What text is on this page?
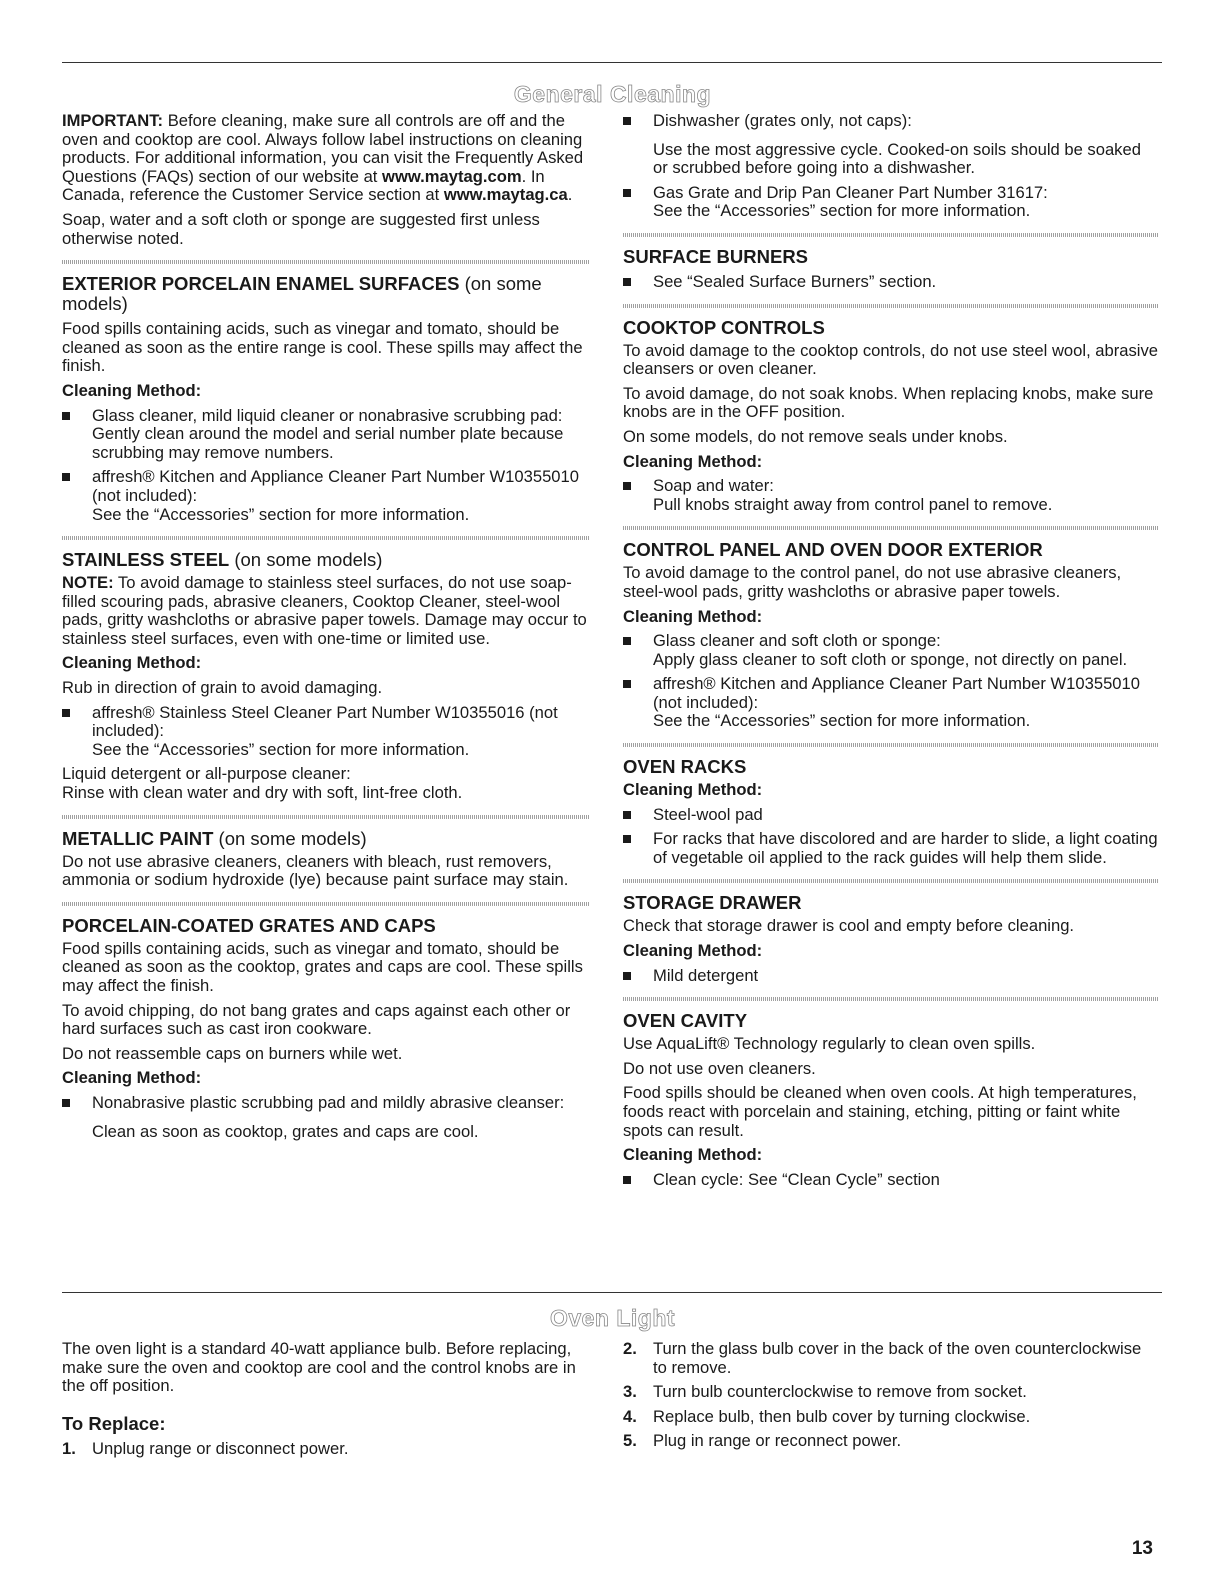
General Cleaning

IMPORTANT: Before cleaning, make sure all controls are off and the oven and cooktop are cool. Always follow label instructions on cleaning products. For additional information, you can visit the Frequently Asked Questions (FAQs) section of our website at www.maytag.com. In Canada, reference the Customer Service section at www.maytag.ca.

Soap, water and a soft cloth or sponge are suggested first unless otherwise noted.

EXTERIOR PORCELAIN ENAMEL SURFACES (on some

models)

Food spills containing acids, such as vinegar and tomato, should be cleaned as soon as the entire range is cool. These spills may affect the finish.

Cleaning Method:

Glass cleaner, mild liquid cleaner or nonabrasive scrubbing pad:
Gently clean around the model and serial number plate because scrubbing may remove numbers.
affresh® Kitchen and Appliance Cleaner Part Number W10355010 (not included):
See the “Accessories” section for more information.
STAINLESS STEEL (on some models)

NOTE: To avoid damage to stainless steel surfaces, do not use soap-filled scouring pads, abrasive cleaners, Cooktop Cleaner, steel-wool pads, gritty washcloths or abrasive paper towels. Damage may occur to stainless steel surfaces, even with one-time or limited use.

Cleaning Method:

Rub in direction of grain to avoid damaging.

affresh® Stainless Steel Cleaner Part Number W10355016 (not included):
See the “Accessories” section for more information.

Liquid detergent or all-purpose cleaner:
Rinse with clean water and dry with soft, lint-free cloth.

METALLIC PAINT (on some models)

Do not use abrasive cleaners, cleaners with bleach, rust removers, ammonia or sodium hydroxide (lye) because paint surface may stain.

PORCELAIN-COATED GRATES AND CAPS

Food spills containing acids, such as vinegar and tomato, should be cleaned as soon as the cooktop, grates and caps are cool. These spills may affect the finish.

To avoid chipping, do not bang grates and caps against each other or hard surfaces such as cast iron cookware.

Do not reassemble caps on burners while wet.

Cleaning Method:

Nonabrasive plastic scrubbing pad and mildly abrasive cleanser:
Clean as soon as cooktop, grates and caps are cool.
Dishwasher (grates only, not caps):
Use the most aggressive cycle. Cooked-on soils should be soaked or scrubbed before going into a dishwasher.
Gas Grate and Drip Pan Cleaner Part Number 31617:
See the “Accessories” section for more information.
SURFACE BURNERS
See “Sealed Surface Burners” section.
COOKTOP CONTROLS

To avoid damage to the cooktop controls, do not use steel wool, abrasive cleansers or oven cleaner.

To avoid damage, do not soak knobs. When replacing knobs, make sure knobs are in the OFF position.

On some models, do not remove seals under knobs.

Cleaning Method:

Soap and water:
Pull knobs straight away from control panel to remove.
CONTROL PANEL AND OVEN DOOR EXTERIOR

To avoid damage to the control panel, do not use abrasive cleaners, steel-wool pads, gritty washcloths or abrasive paper towels.

Cleaning Method:

Glass cleaner and soft cloth or sponge:
Apply glass cleaner to soft cloth or sponge, not directly on panel.
affresh® Kitchen and Appliance Cleaner Part Number W10355010 (not included):
See the “Accessories” section for more information.
OVEN RACKS

Cleaning Method:

Steel-wool pad
For racks that have discolored and are harder to slide, a light coating of vegetable oil applied to the rack guides will help them slide.
STORAGE DRAWER

Check that storage drawer is cool and empty before cleaning.

Cleaning Method:

Mild detergent
OVEN CAVITY

Use AquaLift® Technology regularly to clean oven spills.

Do not use oven cleaners.

Food spills should be cleaned when oven cools. At high temperatures, foods react with porcelain and staining, etching, pitting or faint white spots can result.

Cleaning Method:

Clean cycle: See “Clean Cycle” section
Oven Light

The oven light is a standard 40-watt appliance bulb. Before replacing, make sure the oven and cooktop are cool and the control knobs are in the off position.

To Replace:
1. Unplug range or disconnect power.
2. Turn the glass bulb cover in the back of the oven counterclockwise to remove.
3. Turn bulb counterclockwise to remove from socket.
4. Replace bulb, then bulb cover by turning clockwise.
5. Plug in range or reconnect power.
13
